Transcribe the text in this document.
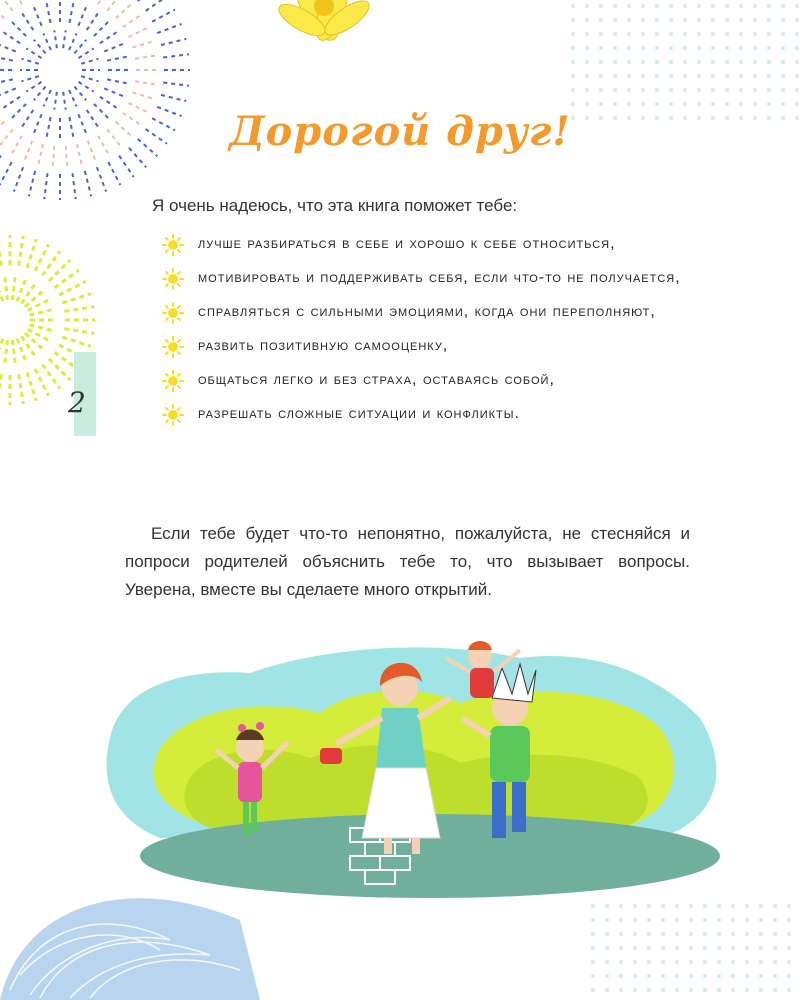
Дорогой друг!
Я очень надеюсь, что эта книга поможет тебе:
лучше разбираться в себе и хорошо к себе относиться,
мотивировать и поддерживать себя, если что-то не получается,
справляться с сильными эмоциями, когда они переполняют,
развить позитивную самооценку,
общаться легко и без страха, оставаясь собой,
разрешать сложные ситуации и конфликты.
Если тебе будет что-то непонятно, пожалуйста, не стесняйся и попроси родителей объяснить тебе то, что вызывает вопросы. Уверена, вместе вы сделаете много открытий.
2
